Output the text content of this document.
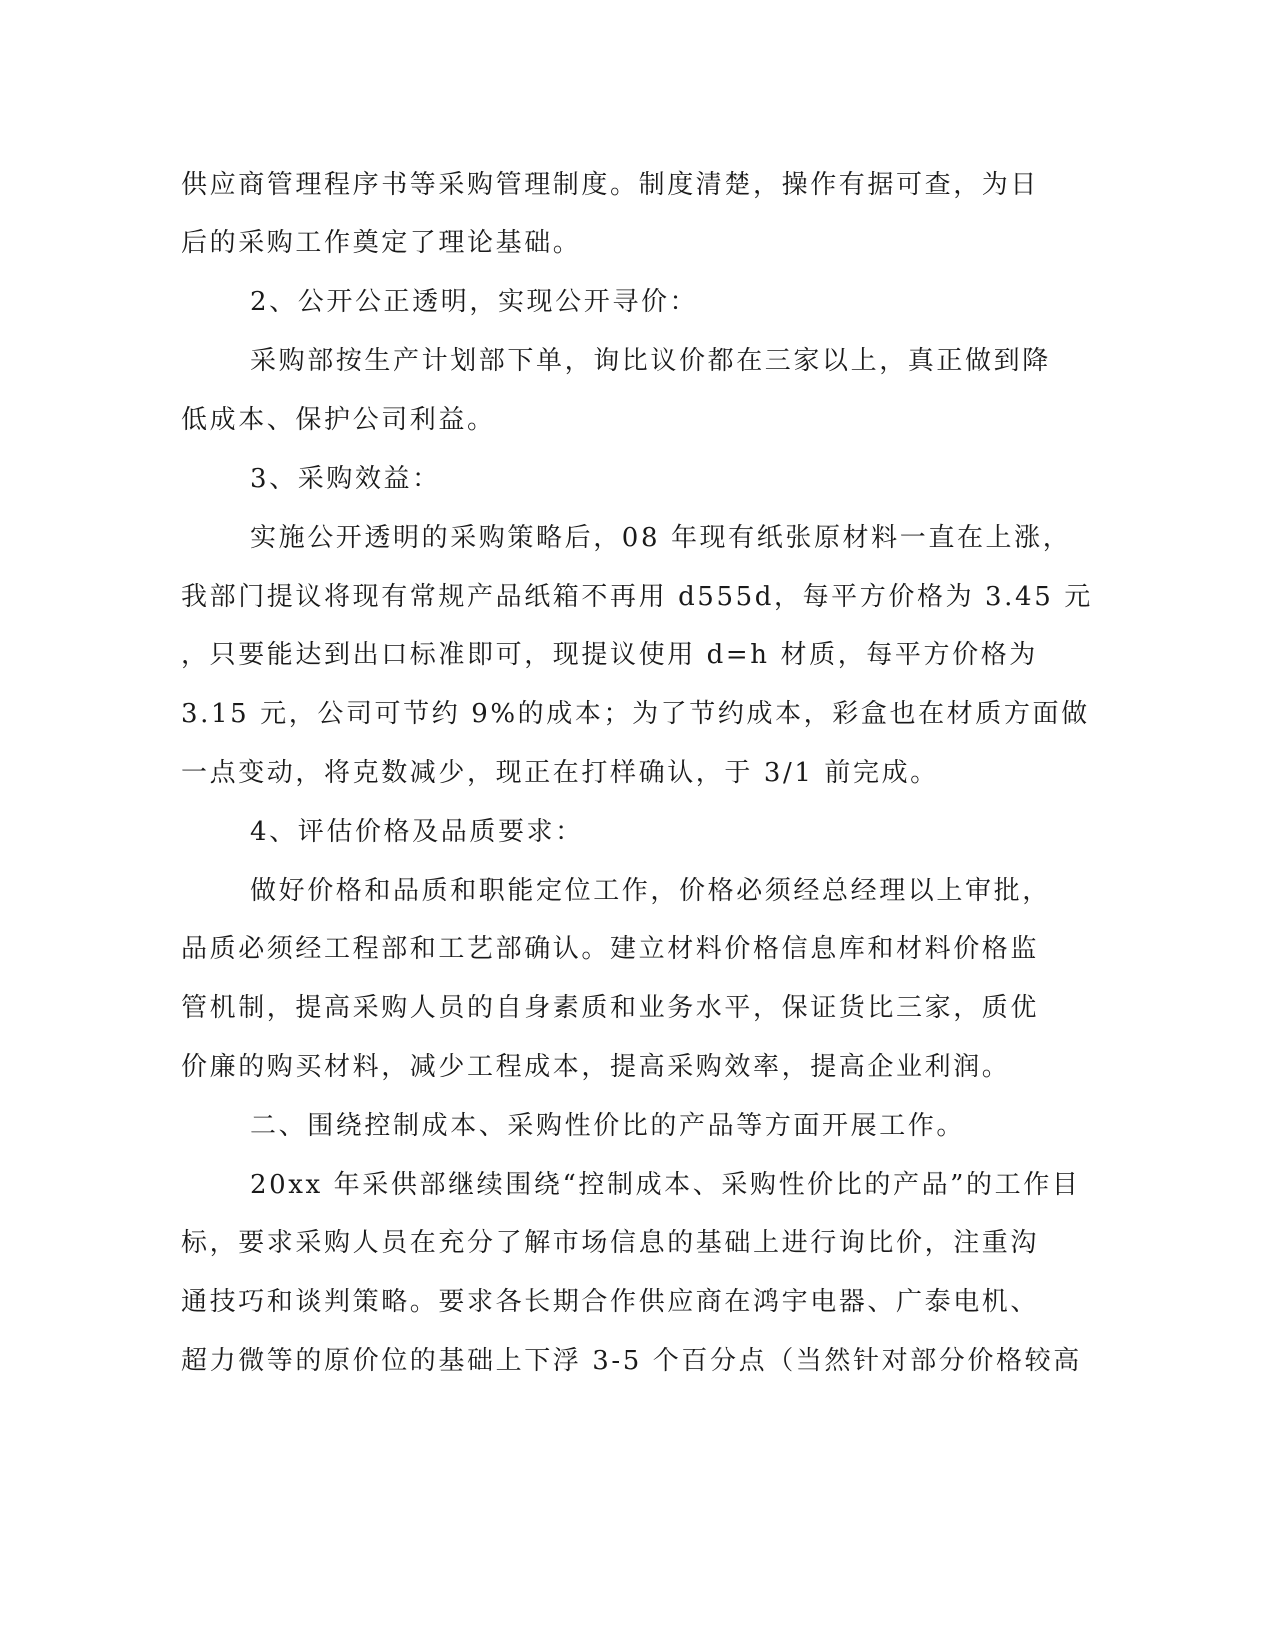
供应商管理程序书等采购管理制度。制度清楚，操作有据可查，为日
后的采购工作奠定了理论基础。
2、公开公正透明，实现公开寻价：
采购部按生产计划部下单，询比议价都在三家以上，真正做到降
低成本、保护公司利益。
3、采购效益：
实施公开透明的采购策略后，08 年现有纸张原材料一直在上涨，
我部门提议将现有常规产品纸箱不再用 d555d，每平方价格为 3.45 元
，只要能达到出口标准即可，现提议使用 d=h 材质，每平方价格为
3.15 元，公司可节约 9%的成本；为了节约成本，彩盒也在材质方面做
一点变动，将克数减少，现正在打样确认，于 3/1 前完成。
4、评估价格及品质要求：
做好价格和品质和职能定位工作，价格必须经总经理以上审批，
品质必须经工程部和工艺部确认。建立材料价格信息库和材料价格监
管机制，提高采购人员的自身素质和业务水平，保证货比三家，质优
价廉的购买材料，减少工程成本，提高采购效率，提高企业利润。
二、围绕控制成本、采购性价比的产品等方面开展工作。
20xx 年采供部继续围绕“控制成本、采购性价比的产品”的工作目
标，要求采购人员在充分了解市场信息的基础上进行询比价，注重沟
通技巧和谈判策略。要求各长期合作供应商在鸿宇电器、广泰电机、
超力微等的原价位的基础上下浮 3-5 个百分点（当然针对部分价格较高
